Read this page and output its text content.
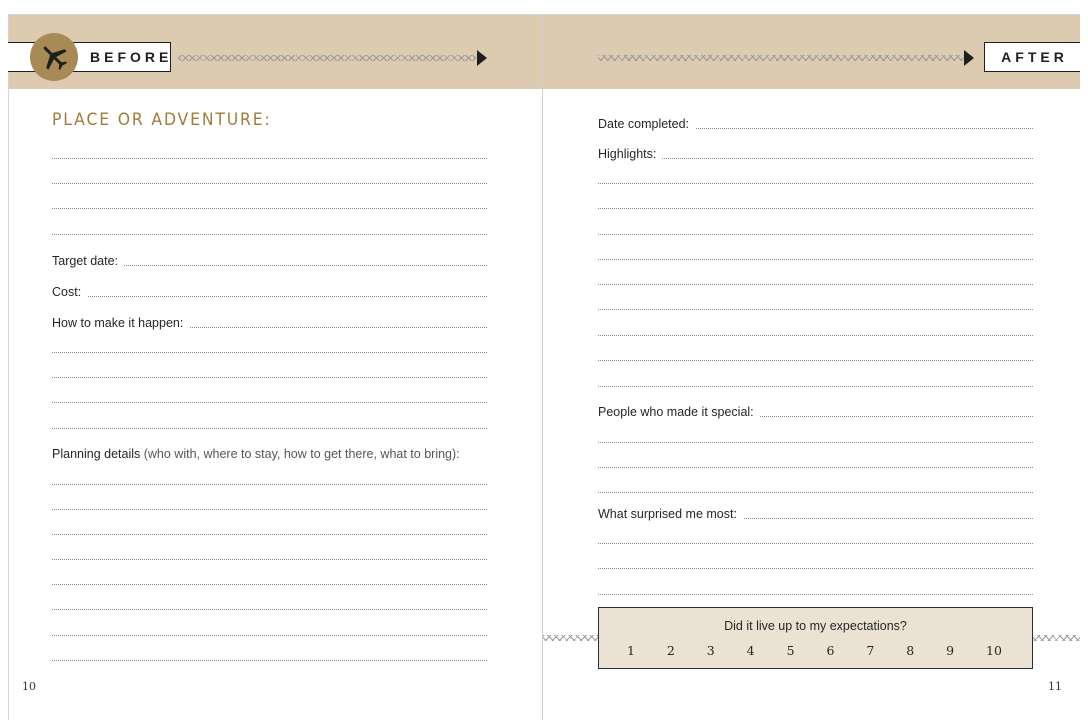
BEFORE	AFTER
PLACE OR ADVENTURE:
Target date:
Cost:
How to make it happen:
Planning details (who with, where to stay, how to get there, what to bring):
10
Date completed:
Highlights:
People who made it special:
What surprised me most:
Did it live up to my expectations?
1	2	3	4	5	6	7	8	9	10
11
